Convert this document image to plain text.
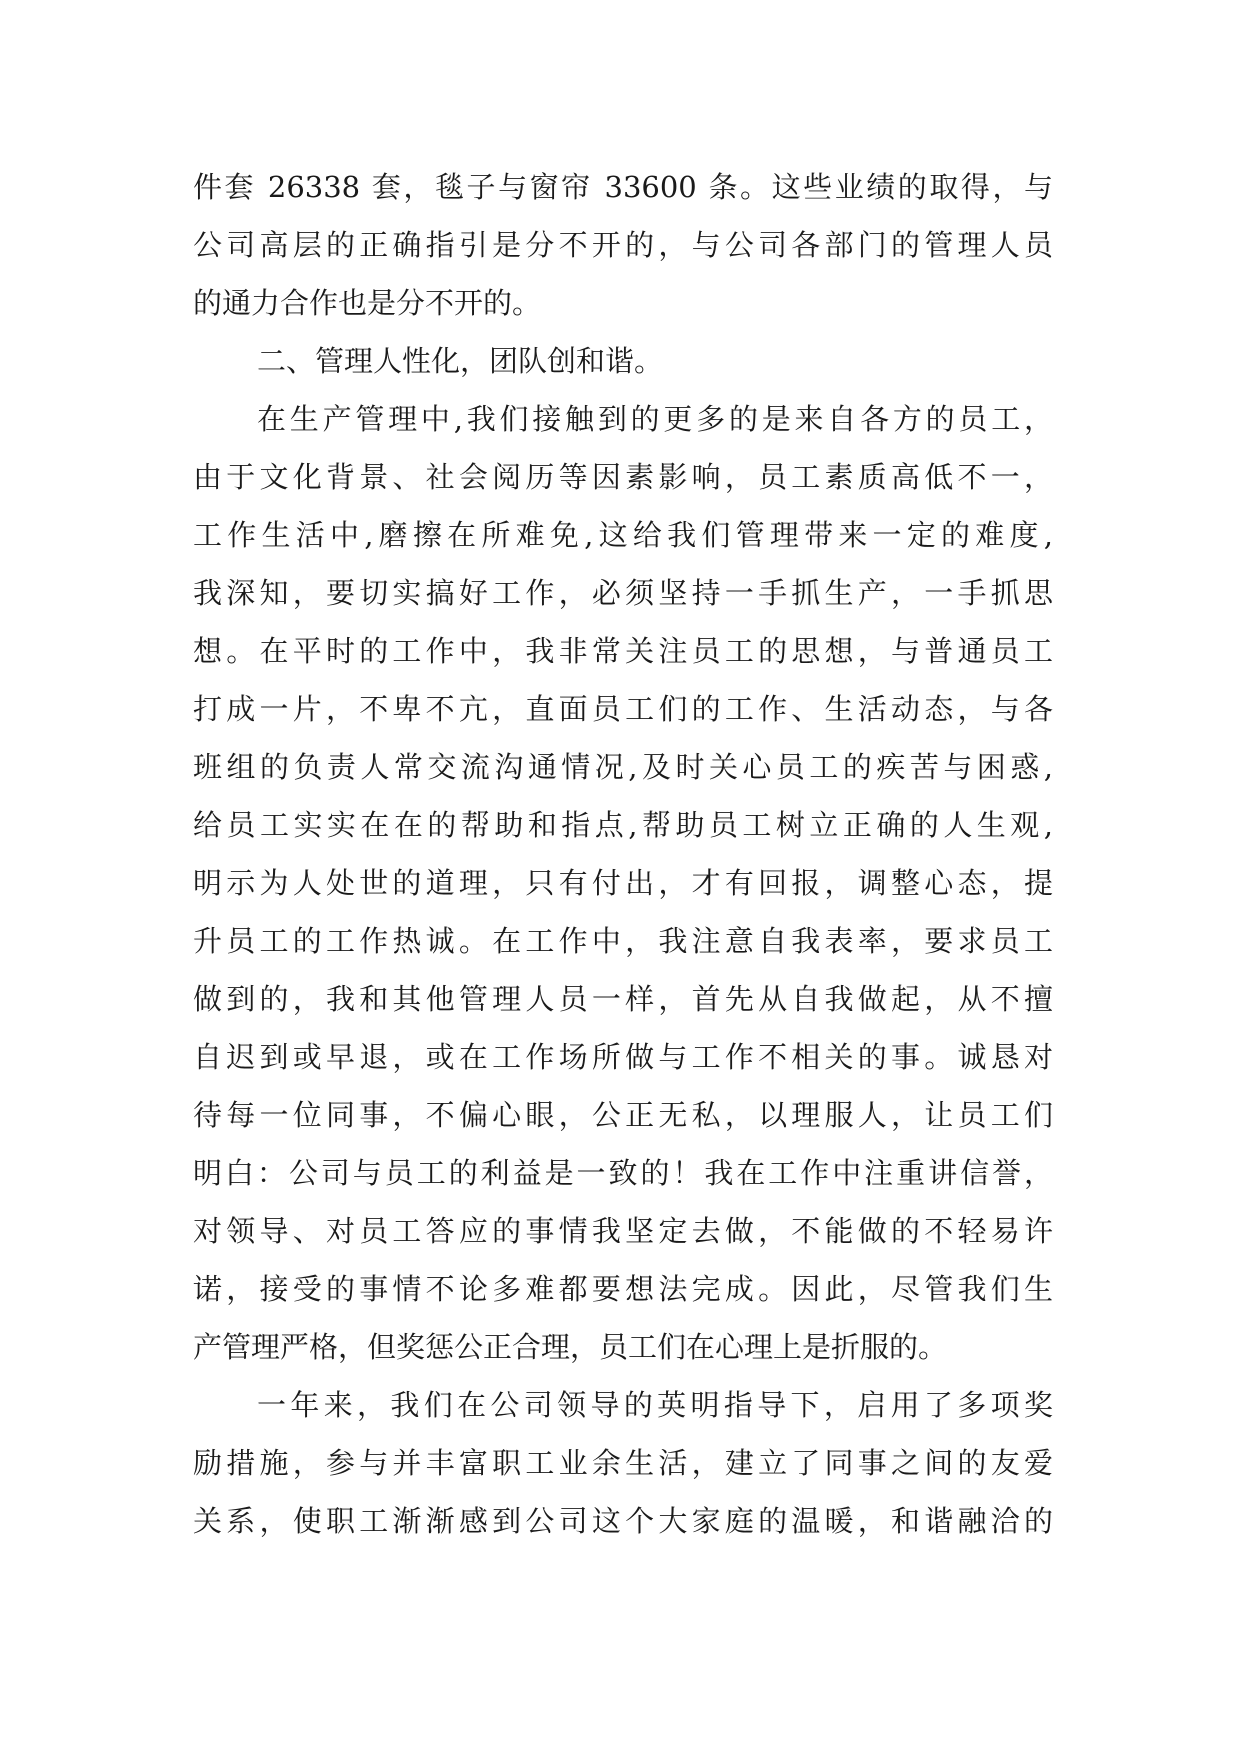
件套 26338 套，毯子与窗帘 33600 条。这些业绩的取得，与
公司高层的正确指引是分不开的，与公司各部门的管理人员
的通力合作也是分不开的。
二、管理人性化，团队创和谐。
在生产管理中,我们接触到的更多的是来自各方的员工，
由于文化背景、社会阅历等因素影响，员工素质高低不一，
工作生活中,磨擦在所难免,这给我们管理带来一定的难度,
我深知，要切实搞好工作，必须坚持一手抓生产，一手抓思
想。在平时的工作中，我非常关注员工的思想，与普通员工
打成一片，不卑不亢，直面员工们的工作、生活动态，与各
班组的负责人常交流沟通情况,及时关心员工的疾苦与困惑,
给员工实实在在的帮助和指点,帮助员工树立正确的人生观,
明示为人处世的道理，只有付出，才有回报，调整心态，提
升员工的工作热诚。在工作中，我注意自我表率，要求员工
做到的，我和其他管理人员一样，首先从自我做起，从不擅
自迟到或早退，或在工作场所做与工作不相关的事。诚恳对
待每一位同事，不偏心眼，公正无私，以理服人，让员工们
明白：公司与员工的利益是一致的！我在工作中注重讲信誉，
对领导、对员工答应的事情我坚定去做，不能做的不轻易许
诺，接受的事情不论多难都要想法完成。因此，尽管我们生
产管理严格，但奖惩公正合理，员工们在心理上是折服的。
一年来，我们在公司领导的英明指导下，启用了多项奖
励措施，参与并丰富职工业余生活，建立了同事之间的友爱
关系，使职工渐渐感到公司这个大家庭的温暖，和谐融洽的
